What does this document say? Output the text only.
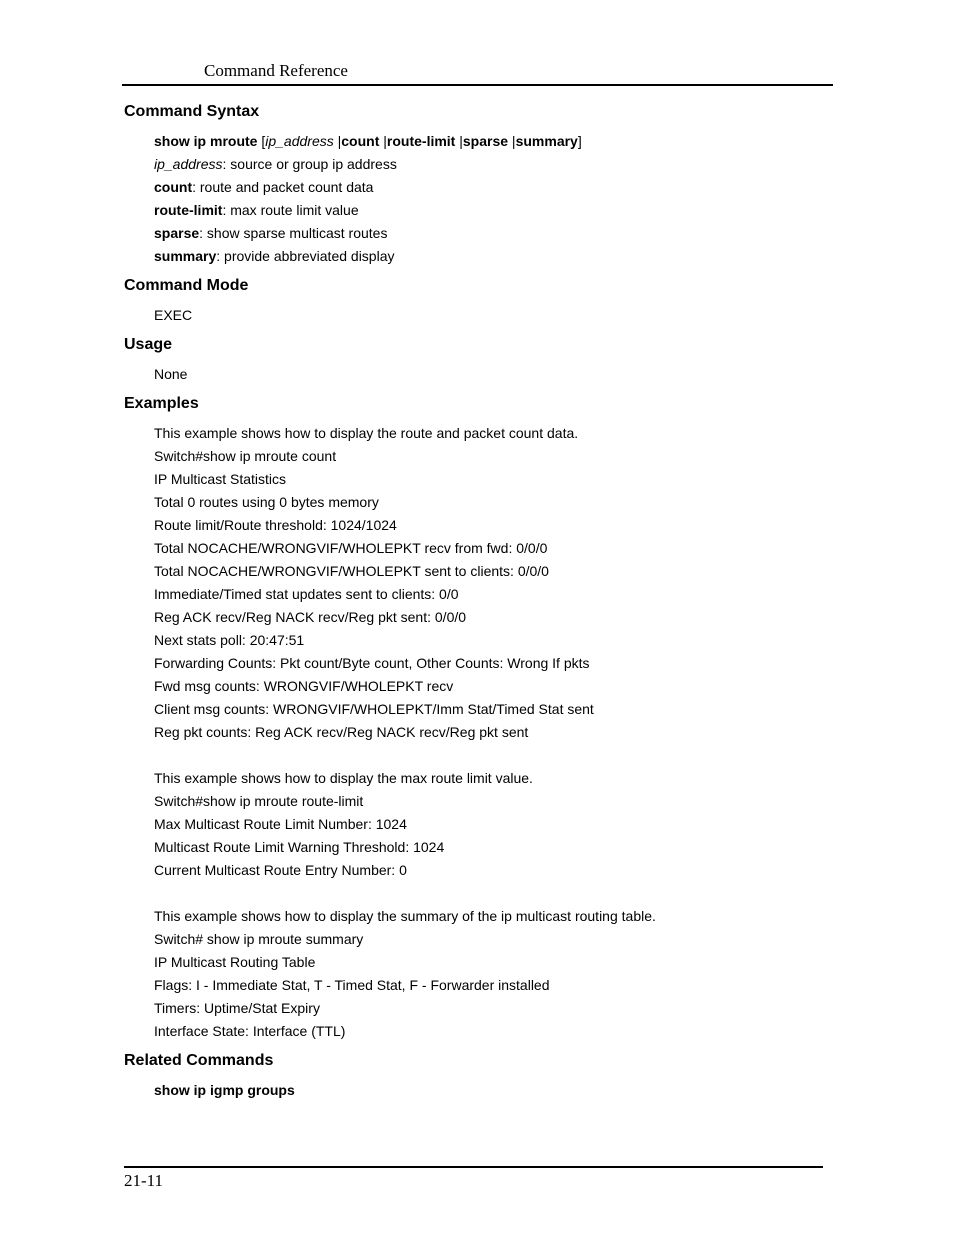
Command Reference
Command Syntax
show ip mroute [ip_address |count |route-limit |sparse |summary]
ip_address: source or group ip address
count: route and packet count data
route-limit: max route limit value
sparse: show sparse multicast routes
summary: provide abbreviated display
Command Mode
EXEC
Usage
None
Examples
This example shows how to display the route and packet count data.
Switch#show ip mroute count
IP Multicast Statistics
Total 0 routes using 0 bytes memory
Route limit/Route threshold: 1024/1024
Total NOCACHE/WRONGVIF/WHOLEPKT recv from fwd: 0/0/0
Total NOCACHE/WRONGVIF/WHOLEPKT sent to clients: 0/0/0
Immediate/Timed stat updates sent to clients: 0/0
Reg ACK recv/Reg NACK recv/Reg pkt sent: 0/0/0
Next stats poll: 20:47:51
Forwarding Counts: Pkt count/Byte count, Other Counts: Wrong If pkts
Fwd msg counts: WRONGVIF/WHOLEPKT recv
Client msg counts: WRONGVIF/WHOLEPKT/Imm Stat/Timed Stat sent
Reg pkt counts: Reg ACK recv/Reg NACK recv/Reg pkt sent
This example shows how to display the max route limit value.
Switch#show ip mroute route-limit
Max Multicast Route Limit Number: 1024
Multicast Route Limit Warning Threshold: 1024
Current Multicast Route Entry Number: 0
This example shows how to display the summary of the ip multicast routing table.
Switch# show ip mroute summary
IP Multicast Routing Table
Flags: I - Immediate Stat, T - Timed Stat, F - Forwarder installed
Timers: Uptime/Stat Expiry
Interface State: Interface (TTL)
Related Commands
show ip igmp groups
21-11
